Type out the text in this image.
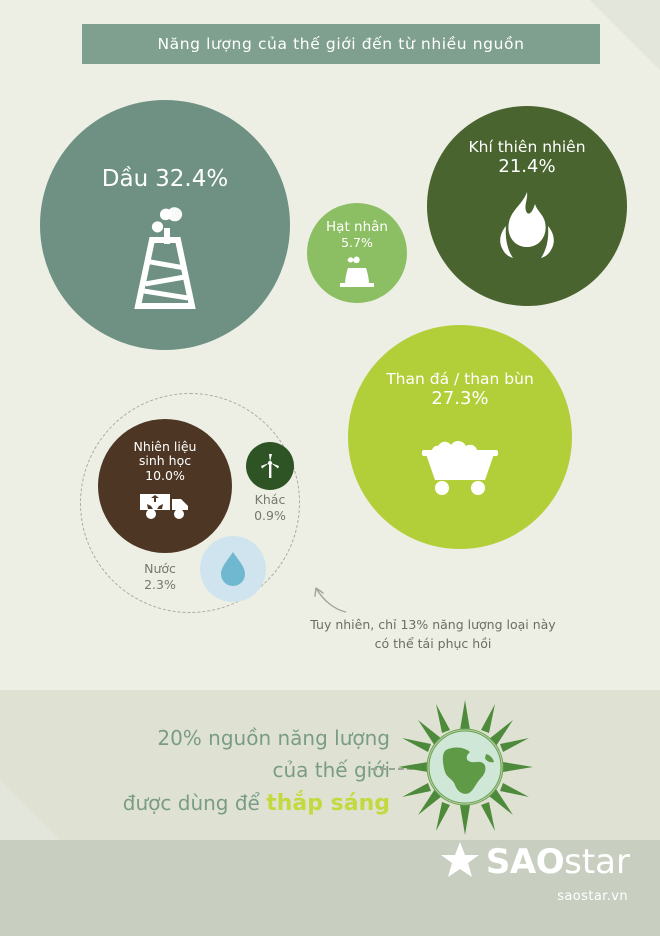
Năng lượng của thế giới đến từ nhiều nguồn
Dầu 32.4%
Hạt nhân
5.7%
Khí thiên nhiên
21.4%
Than đá / than bùn
27.3%
Nhiên liệu
sinh học
10.0%
Khác
0.9%
Nước
2.3%
Tuy nhiên, chỉ 13% năng lượng loại này
có thể tái phục hồi
20% nguồn năng lượng
của thế giới
được dùng để thắp sáng
SAO star
saostar.vn
